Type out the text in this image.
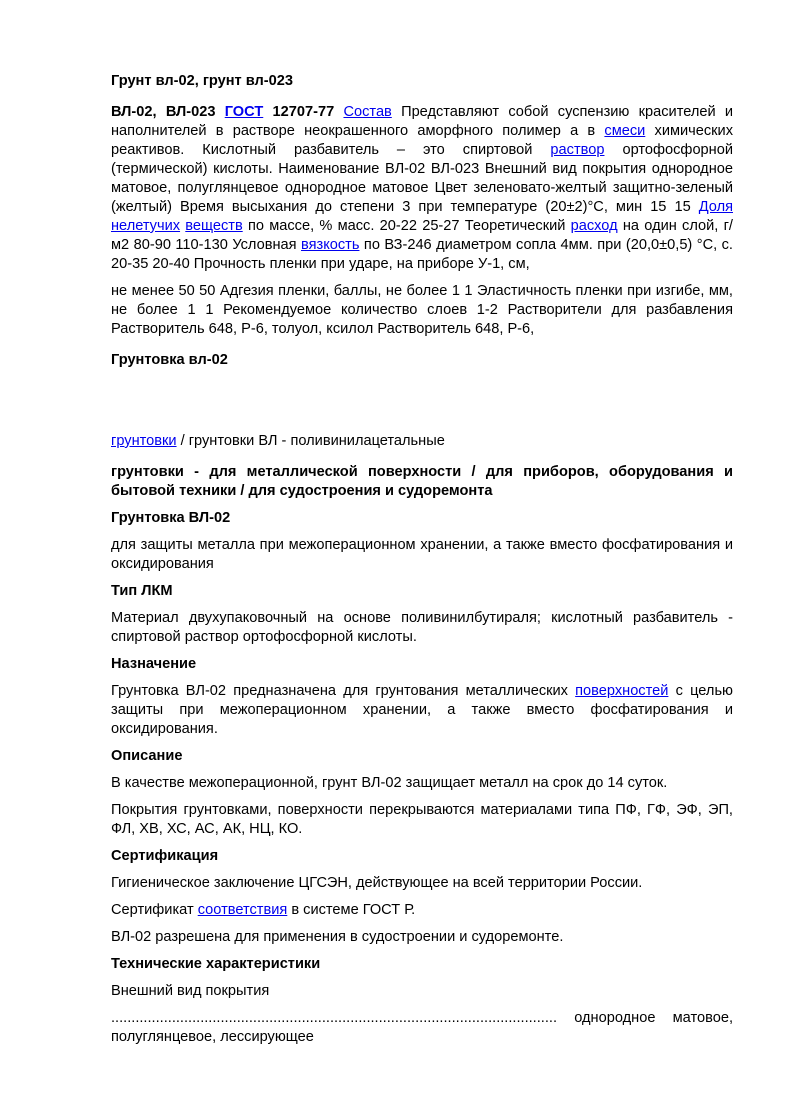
Грунт вл-02, грунт вл-023

ВЛ-02, ВЛ-023 ГОСТ 12707-77 Состав Представляют собой суспензию красителей и наполнителей в растворе неокрашенного аморфного полимер а в смеси химических реактивов. Кислотный разбавитель – это спиртовой раствор ортофосфорной (термической) кислоты. Наименование ВЛ-02 ВЛ-023 Внешний вид покрытия однородное матовое, полуглянцевое однородное матовое Цвет зеленовато-желтый защитно-зеленый (желтый) Время высыхания до степени 3 при температуре (20±2)°С, мин 15 15 Доля нелетучих веществ по массе, % масс. 20-22 25-27 Теоретический расход на один слой, г/м2 80-90 110-130 Условная вязкость по ВЗ-246 диаметром сопла 4мм. при (20,0±0,5) °С, с. 20-35 20-40 Прочность пленки при ударе, на приборе У-1, см,

не менее 50 50 Адгезия пленки, баллы, не более 1 1 Эластичность пленки при изгибе, мм, не более 1 1 Рекомендуемое количество слоев 1-2 Растворители для разбавления Растворитель 648, Р-6, толуол, ксилол Растворитель 648, Р-6,

Грунтовка вл-02

грунтовки / грунтовки ВЛ - поливинилацетальные

грунтовки - для металлической поверхности / для приборов, оборудования и бытовой техники / для судостроения и судоремонта

Грунтовка ВЛ-02

для защиты металла при межоперационном хранении, а также вместо фосфатирования и оксидирования

Тип ЛКМ

Материал двухупаковочный на основе поливинилбутираля; кислотный разбавитель - спиртовой раствор ортофосфорной кислоты.

Назначение

Грунтовка ВЛ-02 предназначена для грунтования металлических поверхностей с целью защиты при межоперационном хранении, а также вместо фосфатирования и оксидирования.

Описание

В качестве межоперационной, грунт ВЛ-02 защищает металл на срок до 14 суток.

Покрытия грунтовками, поверхности перекрываются материалами типа ПФ, ГФ, ЭФ, ЭП, ФЛ, ХВ, ХС, АС, АК, НЦ, КО.

Сертификация

Гигиеническое заключение ЦГСЭН, действующее на всей территории России.

Сертификат соответствия в системе ГОСТ Р.

ВЛ-02 разрешена для применения в судостроении и судоремонте.

Технические характеристики

Внешний вид покрытия

.............................................................................................................. однородное матовое, полуглянцевое, лессирующее
